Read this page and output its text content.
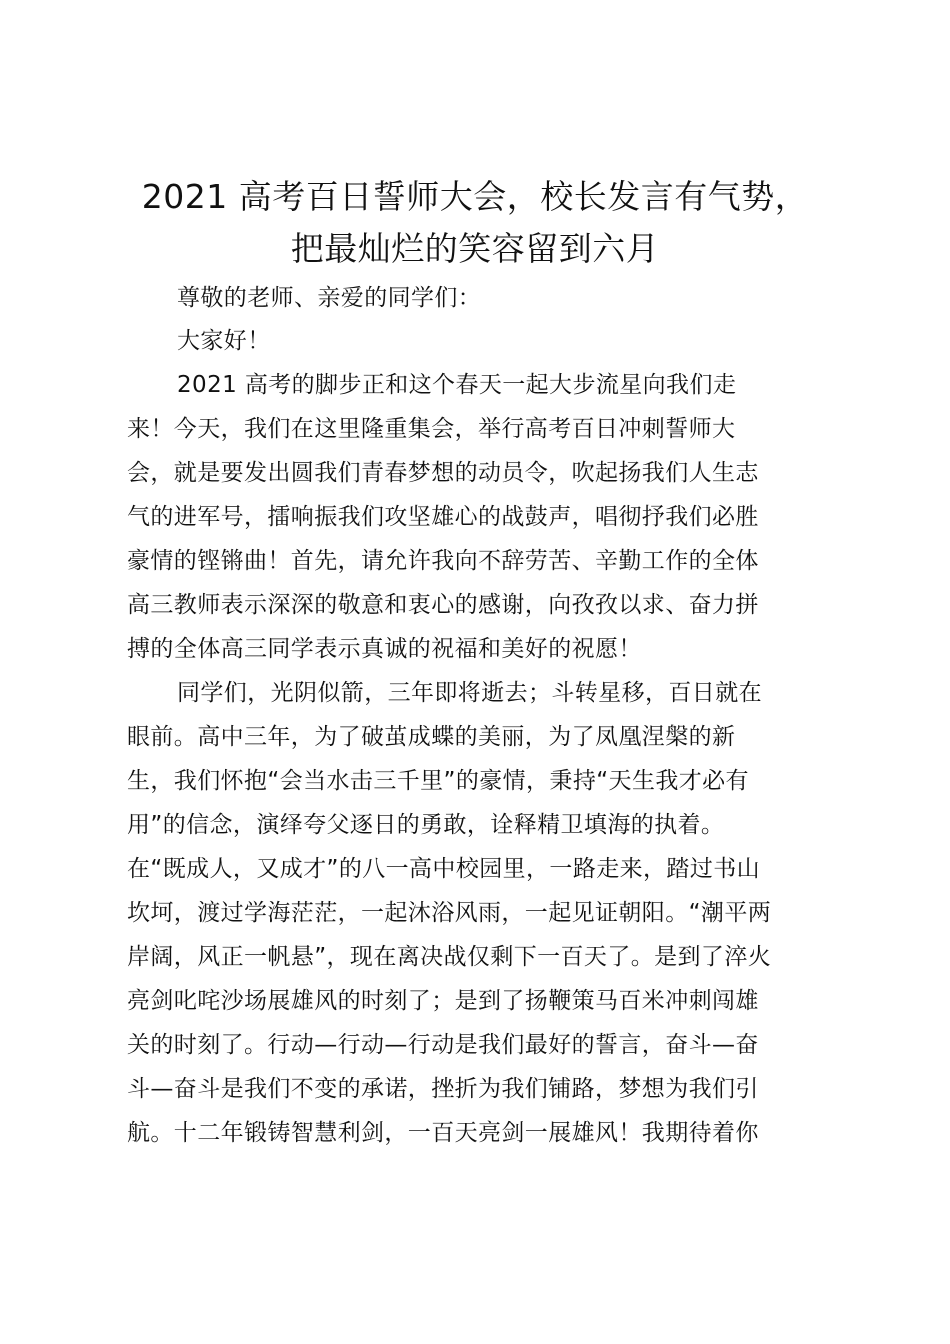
2021 高考百日誓师大会，校长发言有气势，
把最灿烂的笑容留到六月

尊敬的老师、亲爱的同学们：

大家好！

2021 高考的脚步正和这个春天一起大步流星向我们走

来！今天，我们在这里隆重集会，举行高考百日冲刺誓师大

会，就是要发出圆我们青春梦想的动员令，吹起扬我们人生志

气的进军号，擂响振我们攻坚雄心的战鼓声，唱彻抒我们必胜

豪情的铿锵曲！首先，请允许我向不辞劳苦、辛勤工作的全体

高三教师表示深深的敬意和衷心的感谢，向孜孜以求、奋力拼

搏的全体高三同学表示真诚的祝福和美好的祝愿！

同学们，光阴似箭，三年即将逝去；斗转星移，百日就在

眼前。高中三年，为了破茧成蝶的美丽，为了凤凰涅槃的新

生，我们怀抱“会当水击三千里”的豪情，秉持“天生我才必有

用”的信念，演绎夸父逐日的勇敢，诠释精卫填海的执着。

在“既成人，又成才”的八一高中校园里，一路走来，踏过书山

坎坷，渡过学海茫茫，一起沐浴风雨，一起见证朝阳。“潮平两

岸阔，风正一帆悬”，现在离决战仅剩下一百天了。是到了淬火

亮剑叱咤沙场展雄风的时刻了；是到了扬鞭策马百米冲刺闯雄

关的时刻了。行动—行动—行动是我们最好的誓言，奋斗—奋

斗—奋斗是我们不变的承诺，挫折为我们铺路，梦想为我们引

航。十二年锻铸智慧利剑，一百天亮剑一展雄风！我期待着你
